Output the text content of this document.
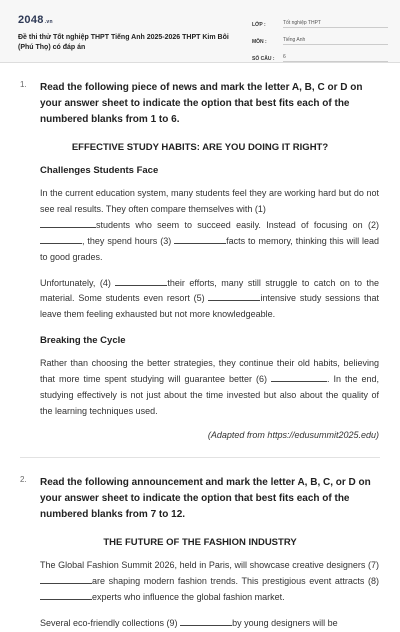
2048.vn
Đề thi thử Tốt nghiệp THPT Tiếng Anh 2025-2026 THPT Kim Bôi (Phú Thọ) có đáp án
LỚP :	Tốt nghiệp THPT
MÔN :	Tiếng Anh
SỐ CÂU :	6
1. Read the following piece of news and mark the letter A, B, C or D on your answer sheet to indicate the option that best fits each of the numbered blanks from 1 to 6.

EFFECTIVE STUDY HABITS: ARE YOU DOING IT RIGHT?
Challenges Students Face

In the current education system, many students feel they are working hard but do not see real results. They often compare themselves with (1)
students who seem to succeed easily. Instead of focusing on (2) , they spend hours (3)	facts to memory, thinking this will lead to good grades.

Unfortunately, (4)	their efforts, many still struggle to catch on to the material. Some students even resort (5)	intensive study sessions that leave them feeling exhausted but not more knowledgeable.

Breaking the Cycle

Rather than choosing the better strategies, they continue their old habits, believing that more time spent studying will guarantee better (6)	. In the end, studying effectively is not just about the time invested but also about the quality of the learning techniques used.

(Adapted from https://edusummit2025.edu)
2. Read the following announcement and mark the letter A, B, C, or D on your answer sheet to indicate the option that best fits each of the numbered blanks from 7 to 12.

THE FUTURE OF THE FASHION INDUSTRY

The Global Fashion Summit 2026, held in Paris, will showcase creative designers (7) are shaping modern fashion trends. This prestigious event attracts (8) experts who influence the global fashion market.

Several eco-friendly collections (9)	by young designers will be
